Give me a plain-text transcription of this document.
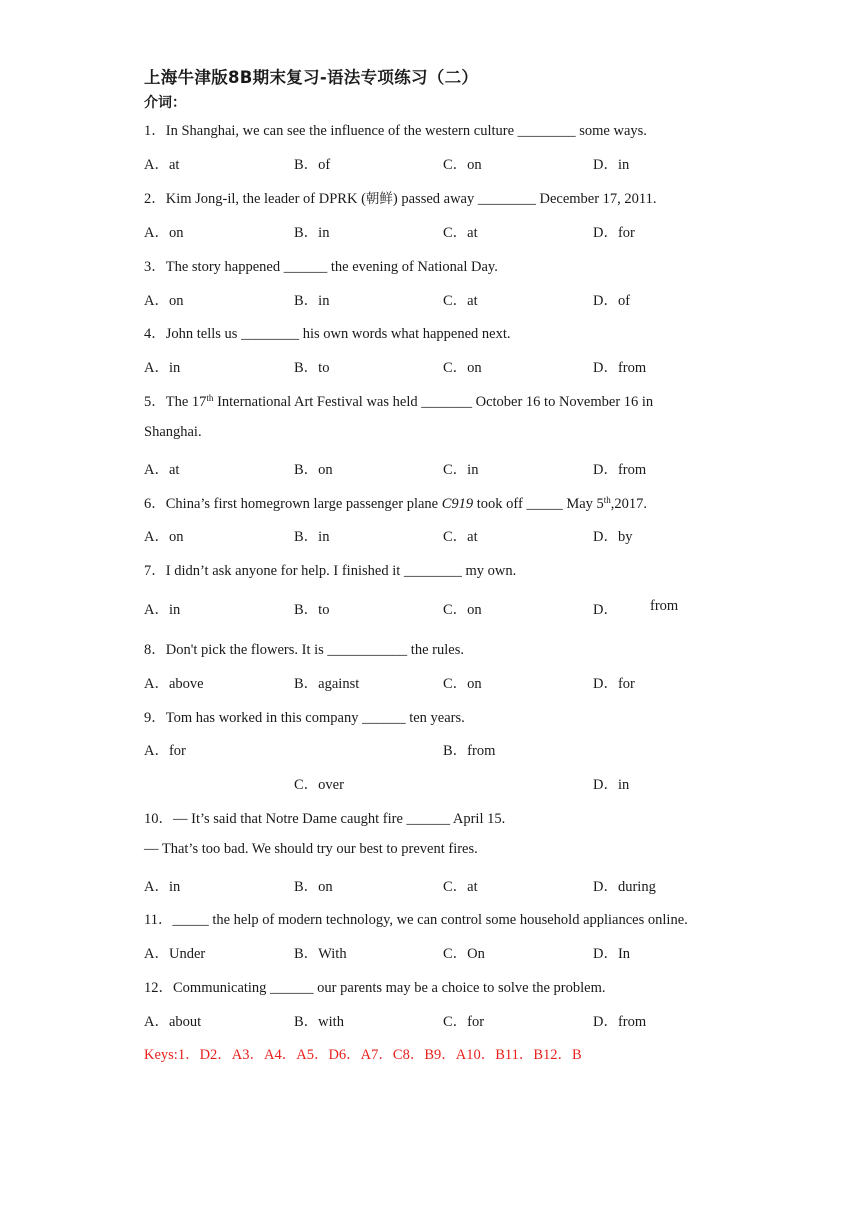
上海牛津版8B期末复习-语法专项练习（二）
介词：
1．In Shanghai, we can see the influence of the western culture ________ some ways.
A．at	B．of	C．on	D．in
2．Kim Jong-il, the leader of DPRK (朝鲜) passed away ________ December 17, 2011.
A．on	B．in	C．at	D．for
3．The story happened ______ the evening of National Day.
A．on	B．in	C．at	D．of
4．John tells us ________ his own words what happened next.
A．in	B．to	C．on	D．from
5．The 17th International Art Festival was held _______ October 16 to November 16 in
Shanghai.
A．at	B．on	C．in	D．from
6．China’s first homegrown large passenger plane C919 took off _____ May 5th,2017.
A．on	B．in	C．at	D．by
7．I didn’t ask anyone for help. I finished it ________ my own.
A．in	B．to	C．on	D． from
8．Don't pick the flowers. It is ___________ the rules.
A．above	B．against	C．on	D．for
9．Tom has worked in this company ______ ten years.
A．for	B．from
C．over	D．in
10．— It’s said that Notre Dame caught fire ______ April 15.
— That’s too bad. We should try our best to prevent fires.
A．in	B．on	C．at	D．during
11．_____ the help of modern technology, we can control some household appliances online.
A．Under	B．With	C．On	D．In
12．Communicating ______ our parents may be a choice to solve the problem.
A．about	B．with	C．for	D．from
Keys:1．D2．A3．A4．A5．D6．A7．C8．B9．A10．B11．B12．B
